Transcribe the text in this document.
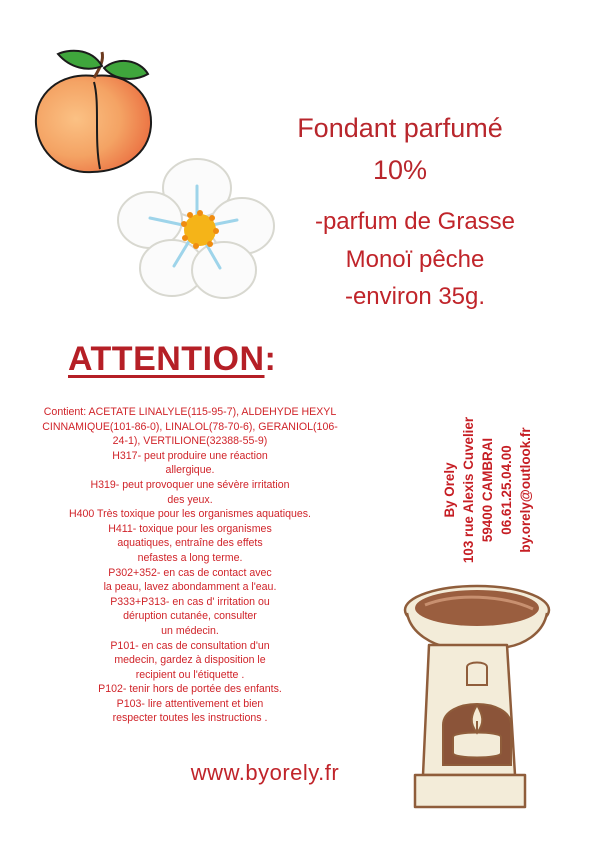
Fondant parfumé
10%
-parfum de Grasse
Monoï pêche
-environ 35g.
ATTENTION:
Contient: ACETATE LINALYLE(115-95-7), ALDEHYDE HEXYL
CINNAMIQUE(101-86-0), LINALOL(78-70-6), GERANIOL(106-
24-1), VERTILIONE(32388-55-9)
H317- peut produire une réaction
allergique.
H319- peut provoquer une sévère irritation
des yeux.
H400 Très toxique pour les organismes aquatiques.
H411- toxique pour les organismes
aquatiques, entraîne des effets
nefastes a long terme.
P302+352- en cas de contact avec
la peau, lavez abondamment a l'eau.
P333+P313- en cas d' irritation ou
déruption cutanée, consulter
un médecin.
P101- en cas de consultation d'un
medecin, gardez à disposition le
recipient ou l'étiquette .
P102- tenir hors de portée des enfants.
P103- lire attentivement et bien
respecter toutes les instructions .
By Orely 103 rue Alexis Cuvelier 59400 CAMBRAI 06.61.25.04.00 by.orely@outlook.fr
www.byorely.fr
